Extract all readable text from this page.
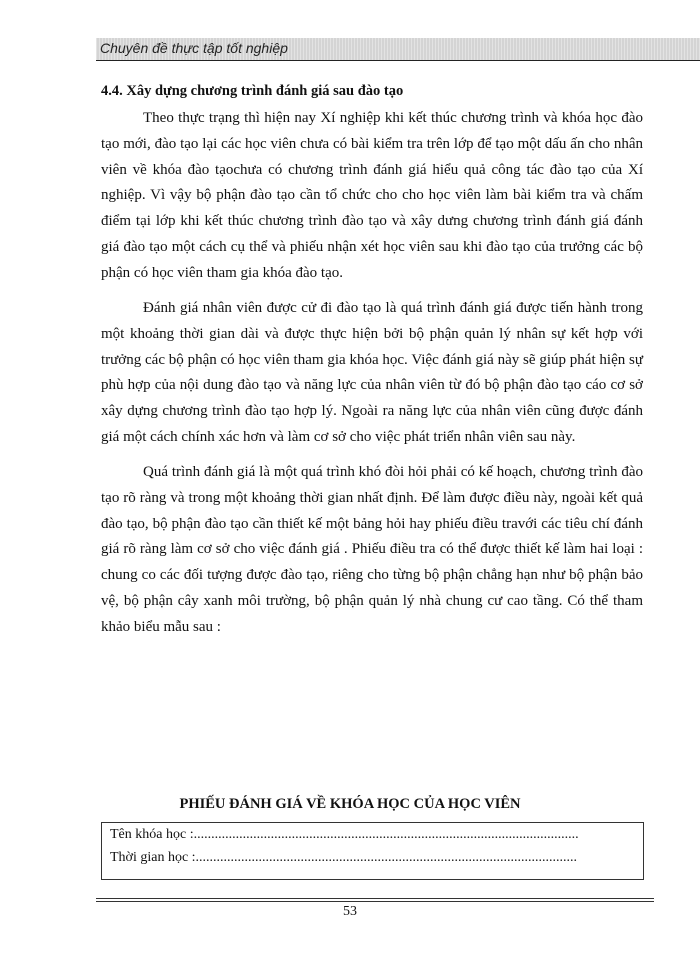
Chuyên đề thực tập tốt nghiệp
4.4. Xây dựng chương trình đánh giá sau đào tạo

Theo thực trạng thì hiện nay Xí nghiệp khi kết thúc chương trình và khóa học đào tạo mới, đào tạo lại các học viên chưa có bài kiểm tra trên lớp để tạo một dấu ấn cho nhân viên về khóa đào tạochưa có chương trình đánh giá hiểu quả công tác đào tạo của Xí nghiệp. Vì vậy bộ phận đào tạo cần tổ chức cho cho học viên làm bài kiểm tra và chấm điểm tại lớp khi kết thúc chương trình đào tạo và xây dưng chương trình đánh giá đánh giá đào tạo một cách cụ thể và phiếu nhận xét học viên sau khi đào tạo của trưởng các bộ phận có học viên tham gia khóa đào tạo.

Đánh giá nhân viên được cử đi đào tạo là quá trình đánh giá được tiến hành trong một khoảng thời gian dài và được thực hiện bởi bộ phận quản lý nhân sự kết hợp với trưởng các bộ phận có học viên tham gia khóa học. Việc đánh giá này sẽ giúp phát hiện sự phù hợp của nội dung đào tạo và năng lực của nhân viên từ đó bộ phận đào tạo cáo cơ sở xây dựng chương trình đào tạo hợp lý. Ngoài ra năng lực của nhân viên cũng được đánh giá một cách chính xác hơn và làm cơ sở cho việc phát triển nhân viên sau này.

Quá trình đánh giá là một quá trình khó đòi hỏi phải có kế hoạch, chương trình đào tạo rõ ràng và trong một khoảng thời gian nhất định. Để làm được điều này, ngoài kết quả đào tạo, bộ phận đào tạo cần thiết kế một bảng hỏi hay phiếu điều travới các tiêu chí đánh giá rõ ràng làm cơ sở cho việc đánh giá . Phiếu điều tra có thể được thiết kế làm hai loại : chung co các đối tượng được đào tạo, riêng cho từng bộ phận chẳng hạn như bộ phận bảo vệ, bộ phận cây xanh môi trường, bộ phận quản lý nhà chung cư cao tầng. Có thể tham khảo biểu mẫu sau :

PHIẾU ĐÁNH GIÁ VỀ KHÓA HỌC CỦA HỌC VIÊN
Tên khóa học :..............................................................................................................
Thời gian học :.............................................................................................................
53
